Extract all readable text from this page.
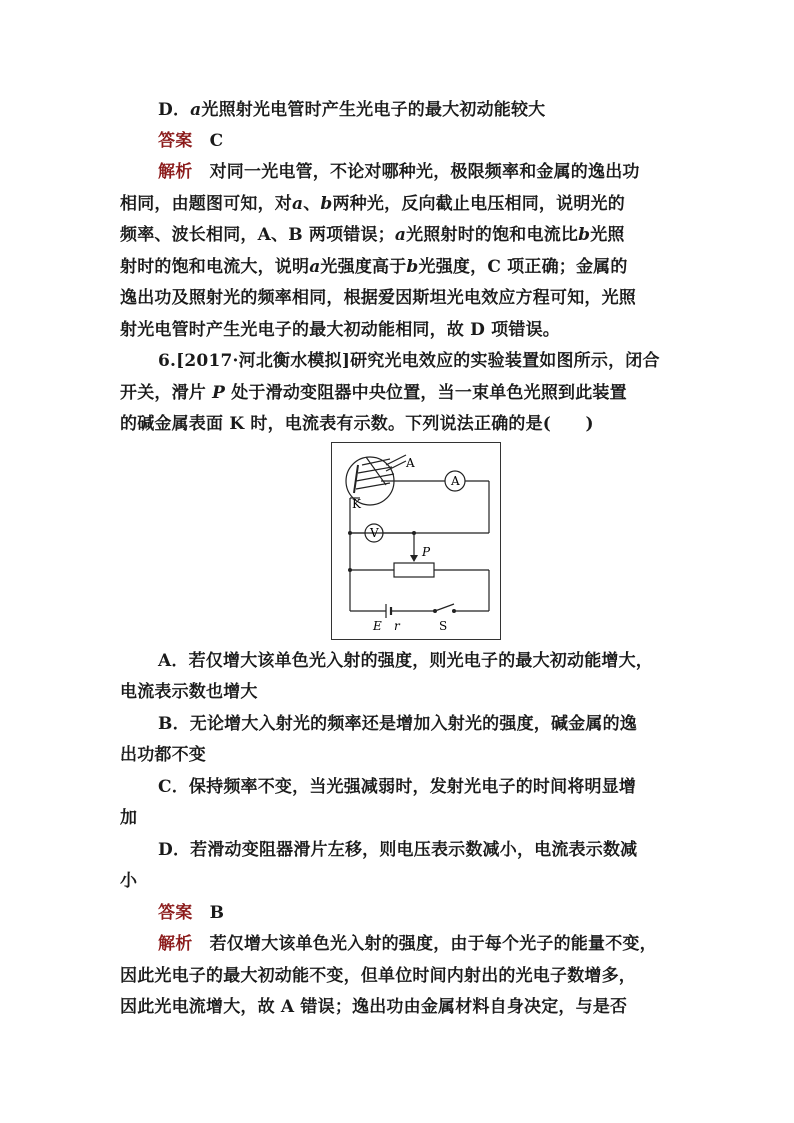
D．a光照射光电管时产生光电子的最大初动能较大
答案　C
解析　对同一光电管，不论对哪种光，极限频率和金属的逸出功
相同，由题图可知，对a、b两种光，反向截止电压相同，说明光的
频率、波长相同，A、B 两项错误；a光照射时的饱和电流比b光照
射时的饱和电流大，说明a光强度高于b光强度，C 项正确；金属的
逸出功及照射光的频率相同，根据爱因斯坦光电效应方程可知，光照
射光电管时产生光电子的最大初动能相同，故 D 项错误。
6.[2017·河北衡水模拟]研究光电效应的实验装置如图所示，闭合
开关，滑片 P 处于滑动变阻器中央位置，当一束单色光照到此装置
的碱金属表面 K 时，电流表有示数。下列说法正确的是(　　)
A
K
A
V
P
E r	S
A．若仅增大该单色光入射的强度，则光电子的最大初动能增大，
电流表示数也增大
B．无论增大入射光的频率还是增加入射光的强度，碱金属的逸
出功都不变
C．保持频率不变，当光强减弱时，发射光电子的时间将明显增
加
D．若滑动变阻器滑片左移，则电压表示数减小，电流表示数减
小
答案　B
解析　若仅增大该单色光入射的强度，由于每个光子的能量不变，
因此光电子的最大初动能不变，但单位时间内射出的光电子数增多，
因此光电流增大，故 A 错误；逸出功由金属材料自身决定，与是否
